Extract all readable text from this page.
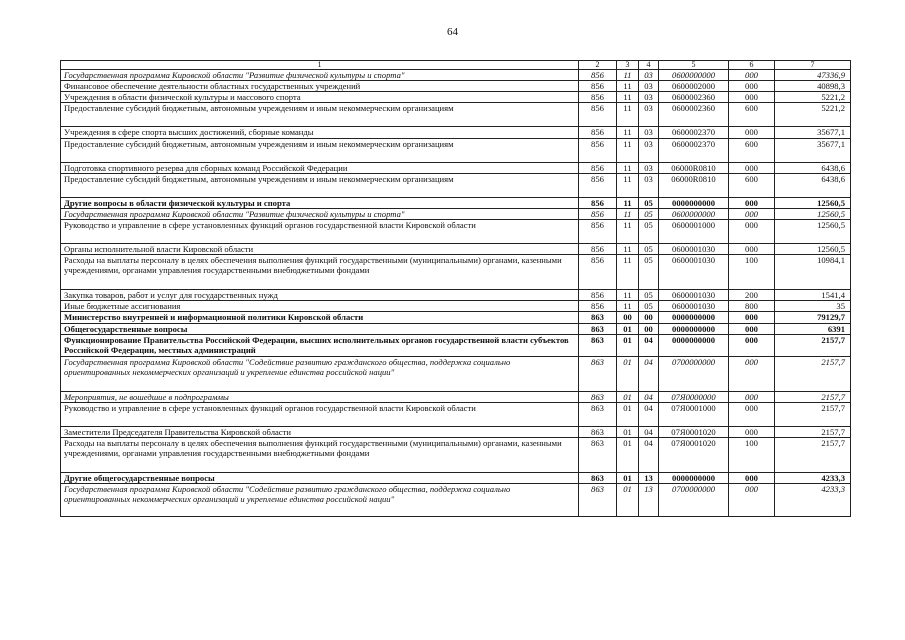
64
1	2	3	4	5	6	7
Государственная программа Кировской области "Развитие физической культуры и спорта"	856	11	03	0600000000	000	47336,9
Финансовое обеспечение деятельности областных государственных учреждений	856	11	03	0600002000	000	40898,3
Учреждения в области физической культуры и массового спорта	856	11	03	0600002360	000	5221,2
Предоставление субсидий бюджетным, автономным учреждениям и иным некоммерческим организациям	856	11	03	0600002360	600	5221,2
Учреждения в сфере спорта высших достижений, сборные команды	856	11	03	0600002370	000	35677,1
Предоставление субсидий бюджетным, автономным учреждениям и иным некоммерческим организациям	856	11	03	0600002370	600	35677,1
Подготовка спортивного резерва для сборных команд Российской Федерации	856	11	03	06000R0810	000	6438,6
Предоставление субсидий бюджетным, автономным учреждениям и иным некоммерческим организациям	856	11	03	06000R0810	600	6438,6
Другие вопросы в области физической культуры и спорта	856	11	05	0000000000	000	12560,5
Государственная программа Кировской области "Развитие физической культуры и спорта"	856	11	05	0600000000	000	12560,5
Руководство и управление в сфере установленных функций органов государственной власти Кировской области	856	11	05	0600001000	000	12560,5
Органы исполнительной власти Кировской области	856	11	05	0600001030	000	12560,5
Расходы на выплаты персоналу в целях обеспечения выполнения функций государственными (муниципальными) органами, казенными учреждениями, органами управления государственными внебюджетными фондами	856	11	05	0600001030	100	10984,1
Закупка товаров, работ и услуг для государственных нужд	856	11	05	0600001030	200	1541,4
Иные бюджетные ассигнования	856	11	05	0600001030	800	35
Министерство внутренней и информационной политики Кировской области	863	00	00	0000000000	000	79129,7
Общегосударственные вопросы	863	01	00	0000000000	000	6391
Функционирование Правительства Российской Федерации, высших исполнительных органов государственной власти субъектов Российской Федерации, местных администраций	863	01	04	0000000000	000	2157,7
Государственная программа Кировской области "Содействие развитию гражданского общества, поддержка социально ориентированных некоммерческих организаций и укрепление единства российской нации"	863	01	04	0700000000	000	2157,7
Мероприятия, не вошедшие в подпрограммы	863	01	04	07Я0000000	000	2157,7
Руководство и управление в сфере установленных функций органов государственной власти Кировской области	863	01	04	07Я0001000	000	2157,7
Заместители Председателя Правительства Кировской области	863	01	04	07Я0001020	000	2157,7
Расходы на выплаты персоналу в целях обеспечения выполнения функций государственными (муниципальными) органами, казенными учреждениями, органами управления государственными внебюджетными фондами	863	01	04	07Я0001020	100	2157,7
Другие общегосударственные вопросы	863	01	13	0000000000	000	4233,3
Государственная программа Кировской области "Содействие развитию гражданского общества, поддержка социально ориентированных некоммерческих организаций и укрепление единства российской нации"	863	01	13	0700000000	000	4233,3
